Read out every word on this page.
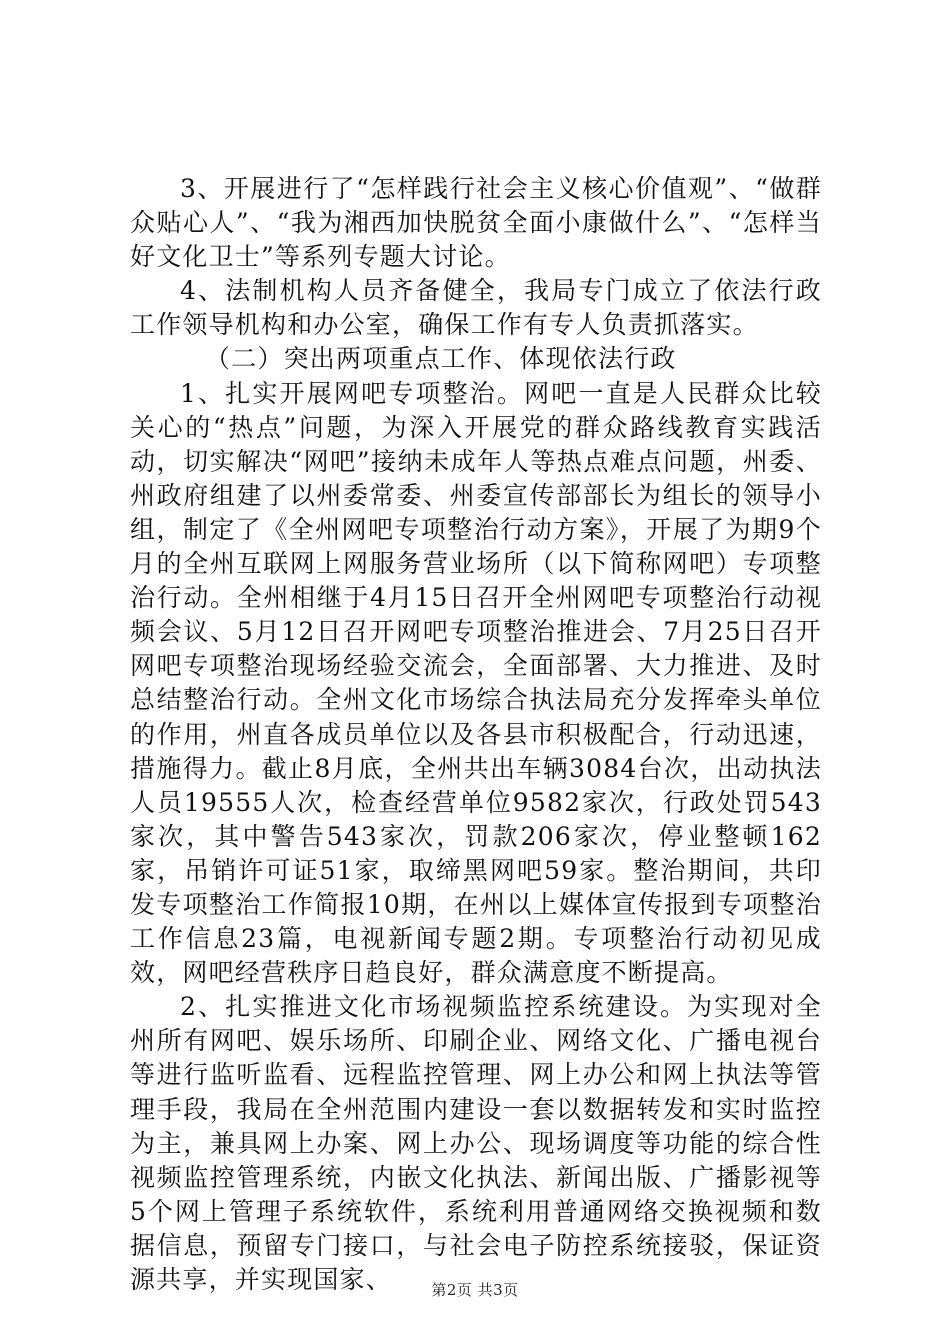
3、开展进行了“怎样践行社会主义核心价值观”、“做群众贴心人”、“我为湘西加快脱贫全面小康做什么”、“怎样当好文化卫士”等系列专题大讨论。

4、法制机构人员齐备健全，我局专门成立了依法行政工作领导机构和办公室，确保工作有专人负责抓落实。

（二）突出两项重点工作、体现依法行政

1、扎实开展网吧专项整治。网吧一直是人民群众比较关心的“热点”问题，为深入开展党的群众路线教育实践活动，切实解决“网吧”接纳未成年人等热点难点问题，州委、州政府组建了以州委常委、州委宣传部部长为组长的领导小组，制定了《全州网吧专项整治行动方案》，开展了为期9个月的全州互联网上网服务营业场所（以下简称网吧）专项整治行动。全州相继于4月15日召开全州网吧专项整治行动视频会议、5月12日召开网吧专项整治推进会、7月25日召开网吧专项整治现场经验交流会，全面部署、大力推进、及时总结整治行动。全州文化市场综合执法局充分发挥牵头单位的作用，州直各成员单位以及各县市积极配合，行动迅速，措施得力。截止8月底，全州共出车辆3084台次，出动执法人员19555人次，检查经营单位9582家次，行政处罚543家次，其中警告543家次，罚款206家次，停业整顿162家，吊销许可证51家，取缔黑网吧59家。整治期间，共印发专项整治工作简报10期，在州以上媒体宣传报到专项整治工作信息23篇，电视新闻专题2期。专项整治行动初见成效，网吧经营秩序日趋良好，群众满意度不断提高。

2、扎实推进文化市场视频监控系统建设。为实现对全州所有网吧、娱乐场所、印刷企业、网络文化、广播电视台等进行监听监看、远程监控管理、网上办公和网上执法等管理手段，我局在全州范围内建设一套以数据转发和实时监控为主，兼具网上办案、网上办公、现场调度等功能的综合性视频监控管理系统，内嵌文化执法、新闻出版、广播影视等5个网上管理子系统软件，系统利用普通网络交换视频和数据信息，预留专门接口，与社会电子防控系统接驳，保证资源共享，并实现国家、	第2页 共3页
